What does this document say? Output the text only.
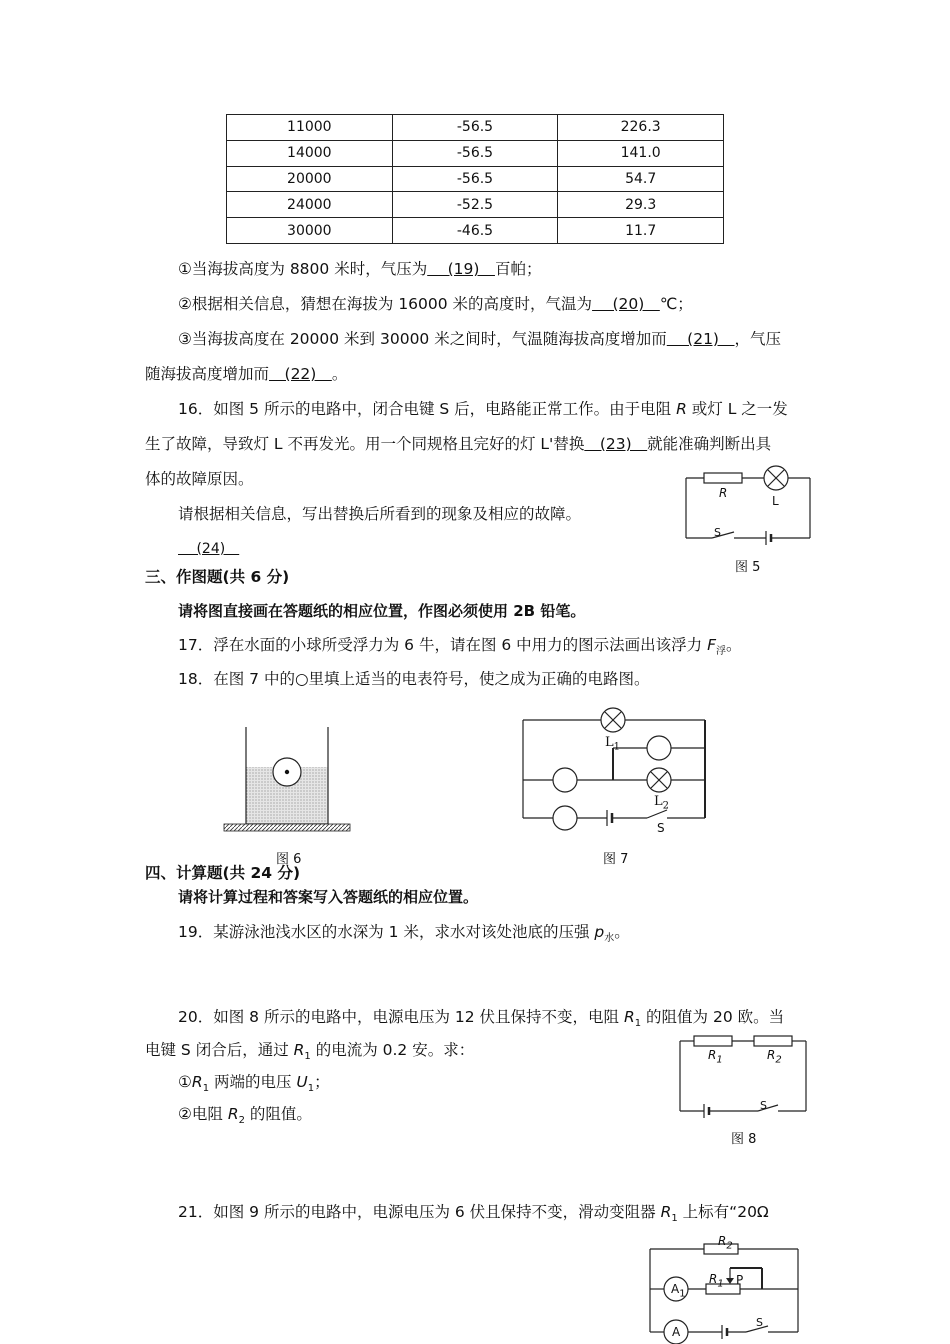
11000	-56.5	226.3
14000	-56.5	141.0
20000	-56.5	54.7
24000	-52.5	29.3
30000	-46.5	11.7
①当海拔高度为 8800 米时，气压为　 (19)　百帕；
②根据相关信息，猜想在海拔为 16000 米的高度时，气温为　 (20)　℃；
③当海拔高度在 20000 米到 30000 米之间时，气温随海拔高度增加而　 (21)　，气压
随海拔高度增加而　(22)　。
16．如图 5 所示的电路中，闭合电键 S 后，电路能正常工作。由于电阻 R 或灯 L 之一发
生了故障，导致灯 L 不再发光。用一个同规格且完好的灯 L'替换　(23)　就能准确判断出具
体的故障原因。
请根据相关信息，写出替换后所看到的现象及相应的故障。
　 (24)　
R
L
S
图 5
三、作图题(共 6 分)
请将图直接画在答题纸的相应位置，作图必须使用 2B 铅笔。
17．浮在水面的小球所受浮力为 6 牛，请在图 6 中用力的图示法画出该浮力 $F_浮$。
18．在图 7 中的○里填上适当的电表符号，使之成为正确的电路图。
图 6
$L_1$
$L_2$
S
图 7
四、计算题(共 24 分)
请将计算过程和答案写入答题纸的相应位置。
19．某游泳池浅水区的水深为 1 米，求水对该处池底的压强 $p_水$。
20．如图 8 所示的电路中，电源电压为 12 伏且保持不变，电阻 $R_1$ 的阻值为 20 欧。当
电键 S 闭合后，通过 $R_1$ 的电流为 0.2 安。求：
$①R_1$ 两端的电压 $U_1$；
②电阻 $R_2$ 的阻值。
$R_1$	$R_2$
S
图 8
21．如图 9 所示的电路中，电源电压为 6 伏且保持不变，滑动变阻器 $R_1$ 上标有“20Ω
$R_2$
$R_1$ P
$A_1$
A
S
